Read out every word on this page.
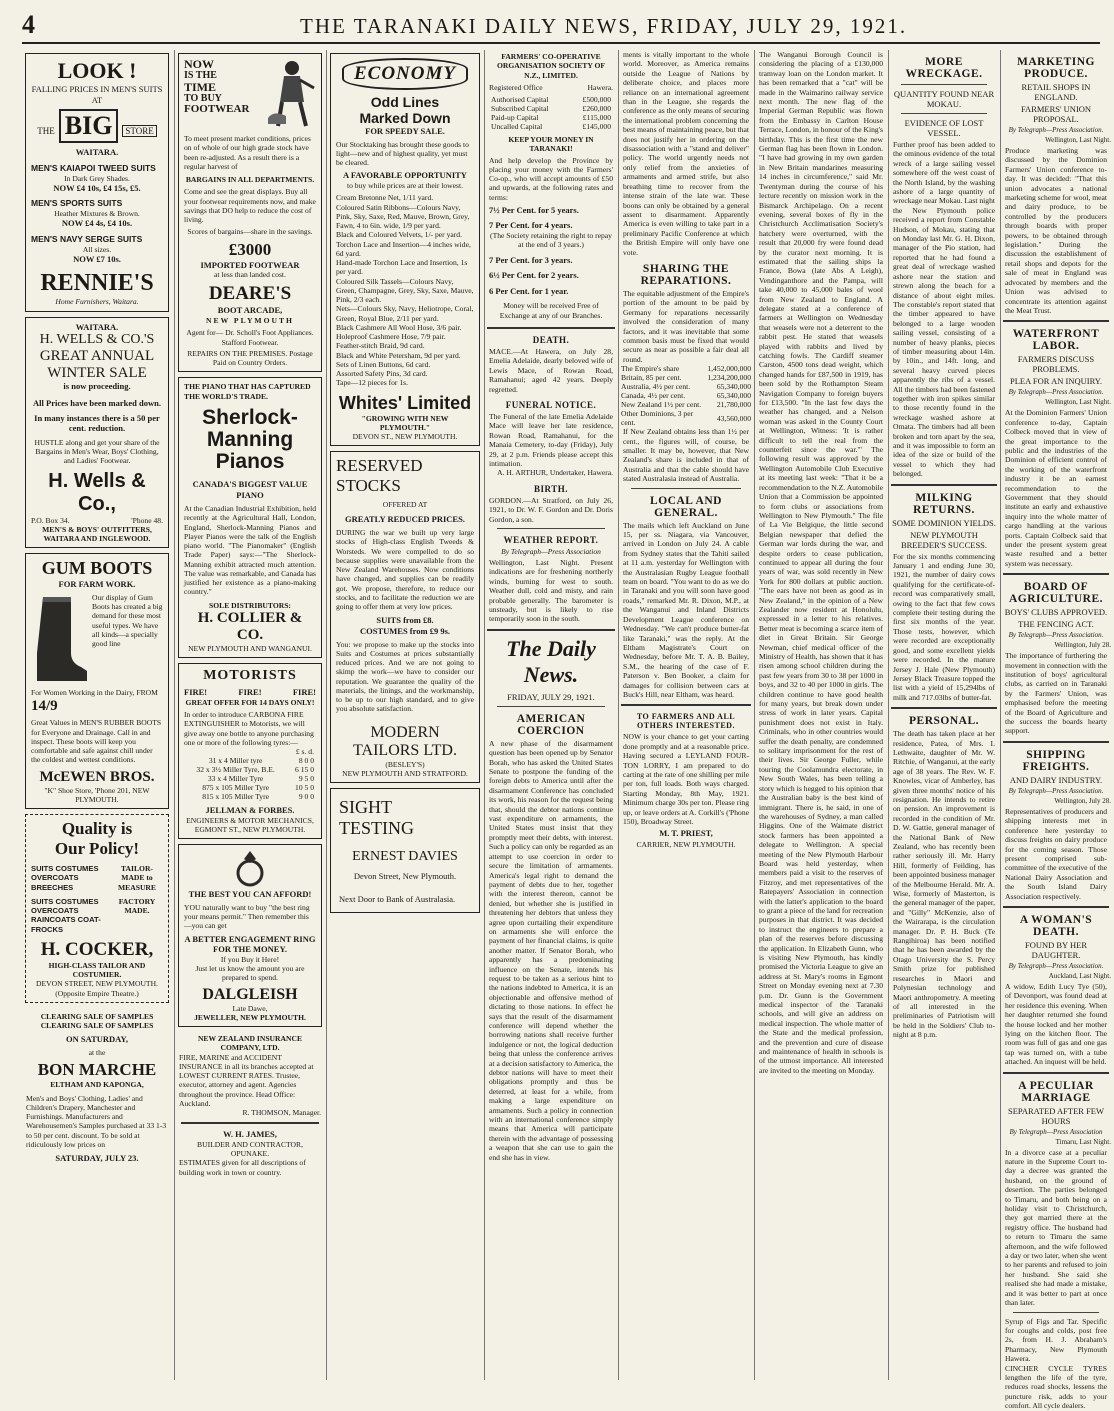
4	THE TARANAKI DAILY NEWS, FRIDAY, JULY 29, 1921.
LOOK !
FALLING PRICES IN MEN'S SUITS AT
THE BIG STORE
WAITARA.
MEN'S KAIAPOI TWEED SUITS
In Dark Grey Shades.
NOW £4 10s, £4 15s, £5.
MEN'S SPORTS SUITS
Heather Mixtures & Brown.
NOW £4 4s, £4 10s.
MEN'S NAVY SERGE SUITS
All sizes.
NOW £7 10s.
RENNIE'S
Home Furnishers, Waitara.
WAITARA.
H. WELLS & CO.'S
GREAT ANNUAL WINTER SALE
is now proceeding.
All Prices have been marked down.
In many instances there is a 50 per cent. reduction.
HUSTLE along and get your share of the Bargains in Men's Wear, Boys' Clothing, and Ladies' Footwear.
H. Wells & Co.,
P.O. Box 34.	'Phone 48.
MEN'S & BOYS' OUTFITTERS,
WAITARA AND INGLEWOOD.
GUM BOOTS
FOR FARM WORK.
Our display of Gum Boots has created a big demand for these most useful types. We have all kinds—a specially good line
For Women Working in the Dairy, FROM 14/9
Great Values in MEN'S RUBBER BOOTS for Everyone and Drainage. Call in and inspect. These boots will keep you comfortable and safe against chill under the coldest and wettest conditions.
McEWEN BROS.
"K" Shoe Store, 'Phone 201, NEW PLYMOUTH.
Quality is
Our Policy!
SUITS COSTUMES OVERCOATS BREECHES
TAILOR-MADE to MEASURE
SUITS COSTUMES OVERCOATS RAINCOATS COAT-FROCKS
FACTORY MADE.
H. COCKER,
HIGH-CLASS TAILOR AND COSTUMIER.
DEVON STREET, NEW PLYMOUTH.
(Opposite Empire Theatre.)
CLEARING SALE OF SAMPLES
CLEARING SALE OF SAMPLES
ON SATURDAY,
at the
BON MARCHE
ELTHAM AND KAPONGA,
Men's and Boys' Clothing, Ladies' and Children's Drapery, Manchester and Furnishings. Manufacturers and Warehousemen's Samples purchased at 33 1-3 to 50 per cent. discount. To be sold at ridiculously low prices on
SATURDAY, JULY 23.
NOW
IS THE
TIME
TO BUY
FOOTWEAR
To meet present market conditions, prices on of whole of our high grade stock have been re-adjusted. As a result there is a regular harvest of
BARGAINS IN ALL DEPARTMENTS.
Come and see the great displays. Buy all your footwear requirements now, and make savings that DO help to reduce the cost of living.
Scores of bargains—share in the savings.
£3000
IMPORTED FOOTWEAR
at less than landed cost.
DEARE'S
BOOT ARCADE,
NEW PLYMOUTH
Agent for— Dr. Scholl's Foot Appliances. Stafford Footwear.
REPAIRS ON THE PREMISES. Postage Paid on Country Orders.
THE PIANO THAT HAS CAPTURED THE WORLD'S TRADE.
Sherlock-Manning Pianos
CANADA'S BIGGEST VALUE PIANO
At the Canadian Industrial Exhibition, held recently at the Agricultural Hall, London, England, Sherlock-Manning Pianos and Player Pianos were the talk of the English piano world. "The Pianomaker" (English Trade Paper) says:—"The Sherlock-Manning exhibit attracted much attention. The value was remarkable, and Canada has justified her existence as a piano-making country."
SOLE DISTRIBUTORS:
H. COLLIER & CO.
NEW PLYMOUTH AND WANGANUI.
MOTORISTS
FIRE!	FIRE!	FIRE!
GREAT OFFER FOR 14 DAYS ONLY!
In order to introduce CARBONA FIRE EXTINGUISHER to Motorists, we will give away one bottle to anyone purchasing one or more of the following tyres:—
	£ s. d.
31 x 4 Miller tyre	8 0 0
32 x 3½ Miller Tyre, B.E.	6 15 0
33 x 4 Miller Tyre	9 5 0
875 x 105 Miller Tyre	10 5 0
815 x 105 Miller Tyre	9 0 0
JELLMAN & FORBES.
ENGINEERS & MOTOR MECHANICS, EGMONT ST., NEW PLYMOUTH.
THE BEST YOU CAN AFFORD!
YOU naturally want to buy "the best ring your means permit." Then remember this—you can get
A BETTER ENGAGEMENT RING FOR THE MONEY.
If you Buy it Here!
Just let us know the amount you are prepared to spend.
DALGLEISH
Late Dawe,
JEWELLER, NEW PLYMOUTH.
NEW ZEALAND INSURANCE COMPANY, LTD.
FIRE, MARINE and ACCIDENT INSURANCE in all its branches accepted at LOWEST CURRENT RATES. Trustee, executor, attorney and agent. Agencies throughout the province. Head Office: Auckland.
R. THOMSON, Manager.
W. H. JAMES,
BUILDER AND CONTRACTOR, OPUNAKE.
ESTIMATES given for all descriptions of building work in town or country.
ECONOMY
Odd Lines
Marked Down
FOR SPEEDY SALE.
Our Stocktaking has brought these goods to light—new and of highest quality, yet must be cleared.
A FAVORABLE OPPORTUNITY
to buy while prices are at their lowest.
Cream Bretonne Net, 1/11 yard.
Coloured Satin Ribbons—Colours Navy, Pink, Sky, Saxe, Red, Mauve, Brown, Grey, Fawn, 4 to 6in. wide, 1/9 per yard.
Black and Coloured Velvets, 1/- per yard.
Torchon Lace and Insertion—4 inches wide, 6d yard.
Hand-made Torchon Lace and Insertion, 1s per yard.
Coloured Silk Tassels—Colours Navy, Green, Champagne, Grey, Sky, Saxe, Mauve, Pink, 2/3 each.
Nets—Colours Sky, Navy, Heliotrope, Coral, Green, Royal Blue, 2/11 per yard.
Black Cashmere All Wool Hose, 3/6 pair.
Holeproof Cashmere Hose, 7/9 pair.
Feather-stitch Braid, 9d card.
Black and White Petersham, 9d per yard.
Sets of Linen Buttons, 6d card.
Assorted Safety Pins, 3d card.
Tape—12 pieces for 1s.
Whites' Limited
"GROWING WITH NEW PLYMOUTH."
DEVON ST., NEW PLYMOUTH.
RESERVED
STOCKS
OFFERED AT
GREATLY REDUCED PRICES.
DURING the war we built up very large stocks of High-class English Tweeds & Worsteds. We were compelled to do so because supplies were unavailable from the New Zealand Warehouses. Now conditions have changed, and supplies can be readily got. We propose, therefore, to reduce our stocks, and to facilitate the reduction we are going to offer them at very low prices.
SUITS from £8.
COSTUMES from £9 9s.
You: we propose to make up the stocks into Suits and Costumes at prices substantially reduced prices. And we are not going to skimp the work—we have to consider our reputation. We guarantee the quality of the materials, the linings, and the workmanship, to be up to our high standard, and to give you absolute satisfaction.
MODERN TAILORS LTD.
(BESLEY'S)
NEW PLYMOUTH AND STRATFORD.
SIGHT
TESTING
ERNEST DAVIES
Devon Street, New Plymouth.
Next Door to Bank of Australasia.
FARMERS' CO-OPERATIVE ORGANISATION SOCIETY OF N.Z., LIMITED.
Registered Office	Hawera.
Authorised Capital	£500,000
Subscribed Capital	£260,000
Paid-up Capital	£115,000
Uncalled Capital	£145,000
KEEP YOUR MONEY IN TARANAKI!
And help develop the Province by placing your money with the Farmers' Co-op., who will accept amounts of £50 and upwards, at the following rates and terms:
7½ Per Cent. for 5 years.
7 Per Cent. for 4 years.
(The Society retaining the right to repay at the end of 3 years.)
7 Per Cent. for 3 years.
6½ Per Cent. for 2 years.
6 Per Cent. for 1 year.
Money will be received Free of Exchange at any of our Branches.
DEATH.
MACE.—At Hawera, on July 28, Emelia Adelaide, dearly beloved wife of Lewis Mace, of Rowan Road, Ramahanui; aged 42 years. Deeply regretted.
FUNERAL NOTICE.
The Funeral of the late Emelia Adelaide Mace will leave her late residence, Rowan Road, Ramahanui, for the Manaia Cemetery, to-day (Friday), July 29, at 2 p.m. Friends please accept this intimation.
A. H. ARTHUR, Undertaker, Hawera.
BIRTH.
GORDON.—At Stratford, on July 26, 1921, to Dr. W. F. Gordon and Dr. Doris Gordon, a son.
WEATHER REPORT.
By Telegraph—Press Association
Wellington, Last Night. Present indications are for freshening northerly winds, burning for west to south. Weather dull, cold and misty, and rain probable generally. The barometer is unsteady, but is likely to rise temporarily soon in the south.
The Daily News.
FRIDAY, JULY 29, 1921.
AMERICAN COERCION
A new phase of the disarmament question has been opened up by Senator Borah, who has asked the United States Senate to postpone the funding of the foreign debts to America until after the disarmament Conference has concluded its work, his reason for the request being that, should the debtor nations continue vast expenditure on armaments, the United States must insist that they promptly meet their debts, with interest. Such a policy can only be regarded as an attempt to use coercion in order to secure the limitation of armaments. America's legal right to demand the payment of debts due to her, together with the interest thereon, cannot be denied, but whether she is justified in threatening her debtors that unless they agree upon curtailing their expenditure on armaments she will enforce the payment of her financial claims, is quite another matter. If Senator Borah, who apparently has a predominating influence on the Senate, intends his request to be taken as a serious hint to the nations indebted to America, it is an objectionable and offensive method of dictating to those nations. In effect he says that the result of the disarmament conference will depend whether the borrowing nations shall receive further indulgence or not, the logical deduction being that unless the conference arrives at a decision satisfactory to America, the debtor nations will have to meet their obligations promptly and thus be deterred, at least for a while, from making a large expenditure on armaments. Such a policy in connection with an international conference simply means that America will participate therein with the advantage of possessing a weapon that she can use to gain the end she has in view.
ments is vitally important to the whole world. Moreover, as America remains outside the League of Nations by deliberate choice, and places more reliance on an international agreement than in the League, she regards the conference as the only means of securing the international problem concerning the best means of maintaining peace, but that does not justify her in ordering on the disassociation with a "stand and deliver" policy. The world urgently needs not only relief from the anxieties of armaments and armed strife, but also breathing time to recover from the intense strain of the late war. These boons can only be obtained by a general assent to disarmament. Apparently America is even willing to take part in a preliminary Pacific Conference at which the British Empire will only have one vote.
SHARING THE REPARATIONS.
The equitable adjustment of the Empire's portion of the amount to be paid by Germany for reparations necessarily involved the consideration of many factors, and it was inevitable that some common basis must be fixed that would secure as near as possible a fair deal all round.
The Empire's share	1,452,000,000
Britain, 85 per cent.	1,234,200,000
Australia, 4½ per cent.	65,340,000
Canada, 4½ per cent.	65,340,000
New Zealand 1½ per cent.	21,780,000
Other Dominions, 3 per cent.	43,560,000
If New Zealand obtains less than 1½ per cent., the figures will, of course, be smaller. It may be, however, that New Zealand's share is included in that of Australia and that the cable should have stated Australasia instead of Australia.
LOCAL AND GENERAL.
The mails which left Auckland on June 15, per ss. Niagara, via Vancouver, arrived in London on July 24. A cable from Sydney states that the Tahiti sailed at 11 a.m. yesterday for Wellington with the Australasian Rugby League football team on board. "You want to do as we do in Taranaki and you will soon have good roads," remarked Mr. R. Dixon, M.P., at the Wanganui and Inland Districts Development League conference on Wednesday. "We can't produce butter-fat like Taranaki," was the reply. At the Eltham Magistrate's Court on Wednesday, before Mr. T. A. B. Bailey, S.M., the hearing of the case of F. Paterson v. Ben Booker, a claim for damages for collision between cars at Buck's Hill, near Eltham, was heard.
TO FARMERS AND ALL OTHERS INTERESTED.
NOW is your chance to get your carting done promptly and at a reasonable price. Having secured a LEYLAND FOUR-TON LORRY, I am prepared to do carting at the rate of one shilling per mile per ton, full loads. Both ways charged. Starting Monday, 8th May, 1921. Minimum charge 30s per ton. Please ring up, or leave orders at A. Corkill's ('Phone 150), Broadway Street.
M. T. PRIEST,
CARRIER, NEW PLYMOUTH.
The Wanganui Borough Council is considering the placing of a £130,000 tramway loan on the London market. It has been remarked that a "cat" will be made in the Waimarino railway service next month. The new flag of the Imperial German Republic was flown from the Embassy in Carlton House Terrace, London, in honour of the King's birthday. This is the first time the new German flag has been flown in London. "I have had growing in my own garden in New Britain mandarines measuring 14 inches in circumference," said Mr. Twentyman during the course of his lecture recently on mission work in the Bismarck Archipelago. On a recent evening, several boxes of fly in the Christchurch Acclimatisation Society's hatchery were overturned, with the result that 20,000 fry were found dead by the curator next morning. It is estimated that the sailing ships la France, Bowa (late Abs A Leigh), Vendinganthore and the Pampa, will take 40,000 to 45,000 bales of wool from New Zealand to England. A delegate stated at a conference of farmers at Wellington on Wednesday that weasels were not a deterrent to the rabbit pest. He stated that weasels played with rabbits and lived by catching fowls. The Cardiff steamer Carston, 4500 tons dead weight, which changed hands for £87,500 in 1919, has been sold by the Rothampton Steam Navigation Company to foreign buyers for £13,500. "In the last few days the weather has changed, and a Nelson woman was asked in the County Court at Wellington, Witness: 'It is rather difficult to tell the real from the counterfeit since the war.'" The following result was approved by the Wellington Automobile Club Executive at its meeting last week: "That it be a recommendation to the N.Z. Automobile Union that a Commission be appointed to form clubs or associations from Wellington to New Plymouth." The file of La Vie Belgique, the little second Belgian newspaper that defied the German war lords during the war, and despite orders to cease publication, continued to appear all during the four years of war, was sold recently in New York for 800 dollars at public auction. "The ears have not been as good as in New Zealand," in the opinion of a New Zealander now resident at Honolulu, expressed in a letter to his relatives. Better meat is becoming a scarce item of diet in Great Britain. Sir George Newman, chief medical officer of the Ministry of Health, has shown that it has risen among school children during the past few years from 30 to 38 per 1000 in boys, and 32 to 40 per 1000 in girls. The children continue to have good health for many years, but break down under stress of work in later years. Capital punishment does not exist in Italy. Criminals, who in other countries would suffer the death penalty, are condemned to solitary imprisonment for the rest of their lives. Sir George Fuller, while touring the Coolamundra electorate, in New South Wales, has been telling a story which is hegged to his opinion that the Australian baby is the best kind of immigrant. There is, he said, in one of the warehouses of Sydney, a man called Higgins. One of the Waimate district stock farmers has been appointed a delegate to Wellington. A special meeting of the New Plymouth Harbour Board was held yesterday, when members paid a visit to the reserves of Fitzroy, and met representatives of the Ratepayers' Association in connection with the latter's application to the board to grant a piece of the land for recreation purposes in that district. It was decided to instruct the engineers to prepare a plan of the reserves before discussing the application. In Elizabeth Gunn, who is visiting New Plymouth, has kindly promised the Victoria League to give an address at St. Mary's rooms in Egmont Street on Monday evening next at 7.30 p.m. Dr. Gunn is the Government medical inspector of the Taranaki schools, and will give an address on medical inspection. The whole matter of the State and the medical profession, and the prevention and cure of disease and maintenance of health in schools is of the utmost importance. All interested are invited to the meeting on Monday.
MORE WRECKAGE.
QUANTITY FOUND NEAR MOKAU.
EVIDENCE OF LOST VESSEL.
Further proof has been added to the ominous evidence of the total wreck of a large sailing vessel somewhere off the west coast of the North Island, by the washing ashore of a large quantity of wreckage near Mokau. Last night the New Plymouth police received a report from Constable Hudson, of Mokau, stating that on Monday last Mr. G. H. Dixon, manager of the Pio station, had reported that he had found a great deal of wreckage washed ashore near the station and strewn along the beach for a distance of about eight miles. The constable's report stated that the timber appeared to have belonged to a large wooden sailing vessel, consisting of a number of heavy planks, pieces of timber measuring about 14in. by 10in., and 14ft. long, and several heavy curved pieces apparently the ribs of a vessel. All the timbers had been fastened together with iron spikes similar to those recently found in the wreckage washed ashore at Omata. The timbers had all been broken and torn apart by the sea, and it was impossible to form an idea of the size or build of the vessel to which they had belonged.
MILKING RETURNS.
SOME DOMINION YIELDS.
NEW PLYMOUTH BREEDER'S SUCCESS.
For the six months commencing January 1 and ending June 30, 1921, the number of dairy cows qualifying for the certificate-of-record was comparatively small, owing to the fact that few cows complete their testing during the first six months of the year. Those tests, however, which were recorded are exceptionally good, and some excellent yields were recorded. In the mature Jersey J. Hale (New Plymouth) Jersey Black Treasure topped the list with a yield of 15,294lbs of milk and 717.03lbs of butter-fat.
PERSONAL.
The death has taken place at her residence, Patea, of Mrs. I. Lethwaite, daughter of Mr. W. Ritchie, of Wanganui, at the early age of 38 years. The Rev. W. F. Knowles, vicar of Amberley, has given three months' notice of his resignation. He intends to retire on pension. An improvement is recorded in the condition of Mr. D. W. Gattie, general manager of the National Bank of New Zealand, who has recently been rather seriously ill. Mr. Harry Hill, formerly of Feilding, has been appointed business manager of the Melbourne Herald. Mr. A. Wise, formerly of Masterton, is the general manager of the paper, and "Gilly" McKenzie, also of the Wairarapa, is the circulation manager. Dr. P. H. Buck (Te Rangihiroa) has been notified that he has been awarded by the Otago University the S. Percy Smith prize for published researches in Maori and Polynesian technology and Maori anthropometry. A meeting of all interested in the preliminaries of Patriotism will be held in the Soldiers' Club to-night at 8 p.m.
MARKETING PRODUCE.
RETAIL SHOPS IN ENGLAND.
FARMERS' UNION PROPOSAL.
By Telegraph—Press Association.
Wellington, Last Night.
Produce marketing was discussed by the Dominion Farmers' Union conference to-day. It was decided: "That this union advocates a national marketing scheme for wool, meat and dairy produce, to be controlled by the producers through boards with proper powers, to be obtained through legislation." During the discussion the establishment of retail shops and depots for the sale of meat in England was advocated by members and the Union was advised to concentrate its attention against the Meat Trust.
WATERFRONT LABOR.
FARMERS DISCUSS PROBLEMS.
PLEA FOR AN INQUIRY.
By Telegraph—Press Association.
Wellington, Last Night.
At the Dominion Farmers' Union conference to-day, Captain Colbeck moved that in view of the great importance to the public and the industries of the Dominion of efficient control of the working of the waterfront industry it be an earnest recommendation to the Government that they should institute an early and exhaustive inquiry into the whole matter of cargo handling at the various ports. Captain Colbeck said that under the present system great waste resulted and a better system was necessary.
BOARD OF AGRICULTURE.
BOYS' CLUBS APPROVED.
THE FENCING ACT.
By Telegraph—Press Association.
Wellington, July 28.
The importance of furthering the movement in connection with the institution of boys' agricultural clubs, as carried on in Taranaki by the Farmers' Union, was emphasised before the meeting of the Board of Agriculture and the success the boards hearty support.
SHIPPING FREIGHTS.
AND DAIRY INDUSTRY.
By Telegraph—Press Association.
Wellington, July 28.
Representatives of producers and shipping interests met in conference here yesterday to discuss freights on dairy produce for the coming season. Those present comprised sub-committee of the executive of the National Dairy Association and the South Island Dairy Association respectively.
A WOMAN'S DEATH.
FOUND BY HER DAUGHTER.
By Telegraph—Press Association.
Auckland, Last Night.
A widow, Edith Lucy Tye (50), of Devonport, was found dead at her residence this evening. When her daughter returned she found the house locked and her mother lying on the kitchen floor. The room was full of gas and one gas tap was turned on, with a tube attached. An inquest will be held.
A PECULIAR MARRIAGE
SEPARATED AFTER FEW HOURS
By Telegraph—Press Association
Timaru, Last Night.
In a divorce case at a peculiar nature in the Supreme Court to-day a decree was granted the husband, on the ground of desertion. The parties belonged to Timaru, and both being on a holiday visit to Christchurch, they got married there at the registry office. The husband had to return to Timaru the same afternoon, and the wife followed a day or two later, when she went to her parents and refused to join her husband. She said she realised she had made a mistake, and it was better to part at once than later.
Syrup of Figs and Tar. Specific for coughs and colds, post free 2s, from H. J. Abraham's Pharmacy, New Plymouth Hawera.
CINCHER CYCLE TYRES lengthen the life of the tyre, reduces road shocks, lessens the puncture risk, adds to your comfort. All cycle dealers.
